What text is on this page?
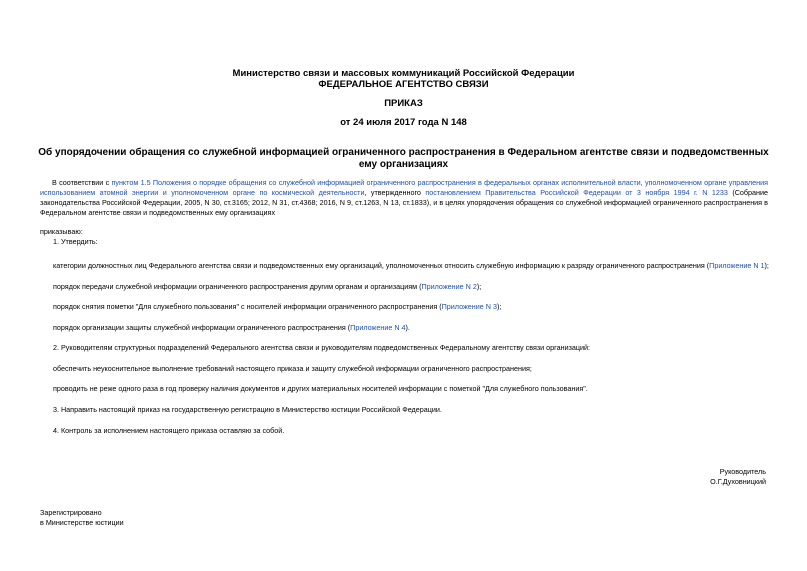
Министерство связи и массовых коммуникаций Российской Федерации
ФЕДЕРАЛЬНОЕ АГЕНТСТВО СВЯЗИ
ПРИКАЗ
от 24 июля 2017 года N 148
Об упорядочении обращения со служебной информацией ограниченного распространения в Федеральном агентстве связи и подведомственных ему организациях
В соответствии с пунктом 1.5 Положения о порядке обращения со служебной информацией ограниченного распространения в федеральных органах исполнительной власти, уполномоченном органе управления использованием атомной энергии и уполномоченном органе по космической деятельности, утвержденного постановлением Правительства Российской Федерации от 3 ноября 1994 г. N 1233 (Собрание законодательства Российской Федерации, 2005, N 30, ст.3165; 2012, N 31, ст.4368; 2016, N 9, ст.1263, N 13, ст.1833), и в целях упорядочения обращения со служебной информацией ограниченного распространения в Федеральном агентстве связи и подведомственных ему организациях
приказываю:
1. Утвердить:
категории должностных лиц Федерального агентства связи и подведомственных ему организаций, уполномоченных относить служебную информацию к разряду ограниченного распространения (Приложение N 1);
порядок передачи служебной информации ограниченного распространения другим органам и организациям (Приложение N 2);
порядок снятия пометки "Для служебного пользования" с носителей информации ограниченного распространения (Приложение N 3);
порядок организации защиты служебной информации ограниченного распространения (Приложение N 4).
2. Руководителям структурных подразделений Федерального агентства связи и руководителям подведомственных Федеральному агентству связи организаций:
обеспечить неукоснительное выполнение требований настоящего приказа и защиту служебной информации ограниченного распространения;
проводить не реже одного раза в год проверку наличия документов и других материальных носителей информации с пометкой "Для служебного пользования".
3. Направить настоящий приказ на государственную регистрацию в Министерство юстиции Российской Федерации.
4. Контроль за исполнением настоящего приказа оставляю за собой.
Руководитель
О.Г.Духовницкий
Зарегистрировано
в Министерстве юстиции
